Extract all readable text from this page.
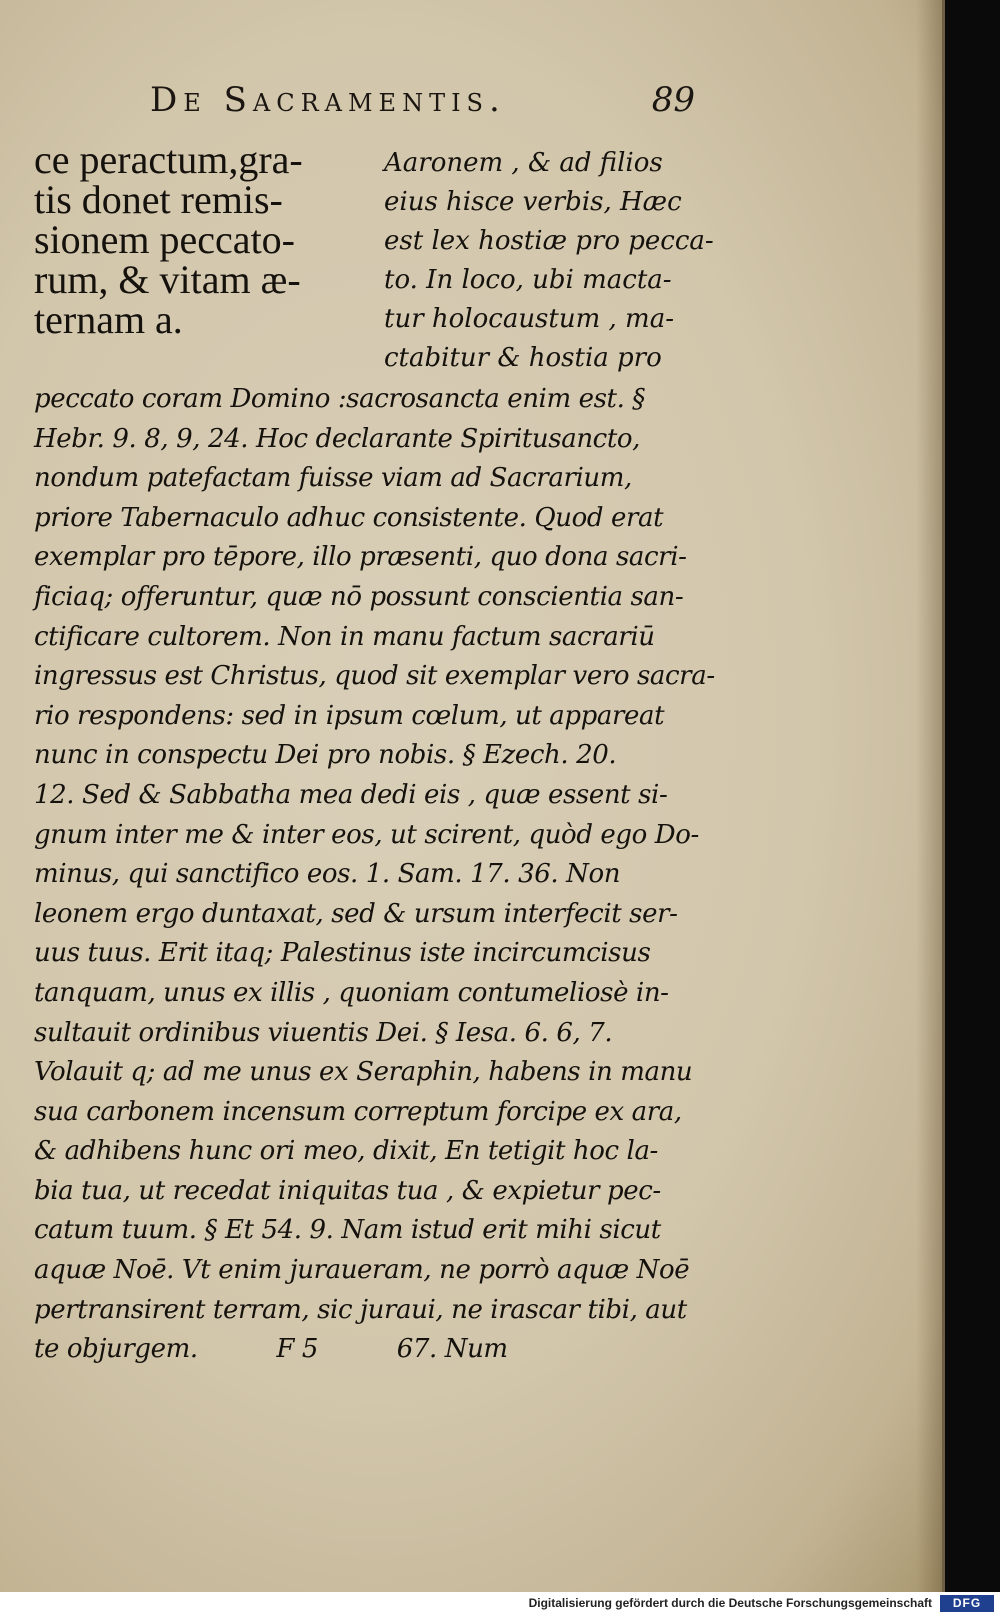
De Sacramentis.	89
ce peractum,gra-
tis donet remis-
sionem peccato-
rum, & vitam æ-
ternam a.
Aaronem , & ad filios
eius hisce verbis, Hæc
est lex hostiæ pro pecca-
to. In loco, ubi macta-
tur holocaustum , ma-
ctabitur & hostia pro
peccato coram Domino :sacrosancta enim est. §
Hebr. 9. 8, 9, 24. Hoc declarante Spiritusancto,
nondum patefactam fuisse viam ad Sacrarium,
priore Tabernaculo adhuc consistente. Quod erat
exemplar pro tēpore, illo præsenti, quo dona sacri-
ficiaq; offeruntur, quæ nō possunt conscientia san-
ctificare cultorem. Non in manu factum sacrariū
ingressus est Christus, quod sit exemplar vero sacra-
rio respondens: sed in ipsum cœlum, ut appareat
nunc in conspectu Dei pro nobis. § Ezech. 20.
12. Sed & Sabbatha mea dedi eis , quæ essent si-
gnum inter me & inter eos, ut scirent, quòd ego Do-
minus, qui sanctifico eos. 1. Sam. 17. 36. Non
leonem ergo duntaxat, sed & ursum interfecit ser-
uus tuus. Erit itaq; Palestinus iste incircumcisus
tanquam, unus ex illis , quoniam contumeliosè in-
sultauit ordinibus viuentis Dei. § Iesa. 6. 6, 7.
Volauit q; ad me unus ex Seraphin, habens in manu
sua carbonem incensum correptum forcipe ex ara,
& adhibens hunc ori meo, dixit, En tetigit hoc la-
bia tua, ut recedat iniquitas tua , & expietur pec-
catum tuum. § Et 54. 9. Nam istud erit mihi sicut
aquæ Noē. Vt enim juraueram, ne porrò aquæ Noē
pertransirent terram, sic juraui, ne irascar tibi, aut
te objurgem.          F 5          67. Num
Digitalisierung gefördert durch die Deutsche Forschungsgemeinschaft	DFG
